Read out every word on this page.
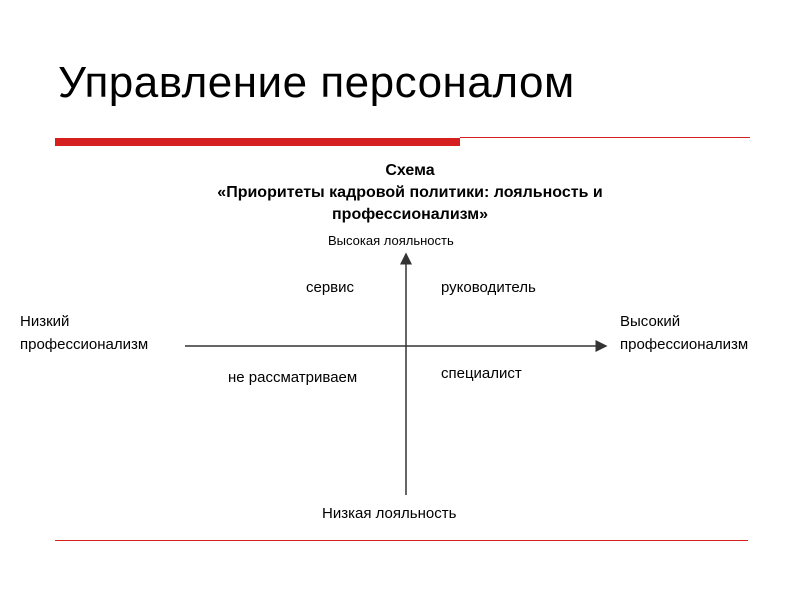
Управление персоналом
Схема
«Приоритеты кадровой политики: лояльность и
профессионализм»
Высокая лояльность
Низкая лояльность
Низкий
профессионализм
Высокий
профессионализм
сервис	руководитель
не рассматриваем	специалист
